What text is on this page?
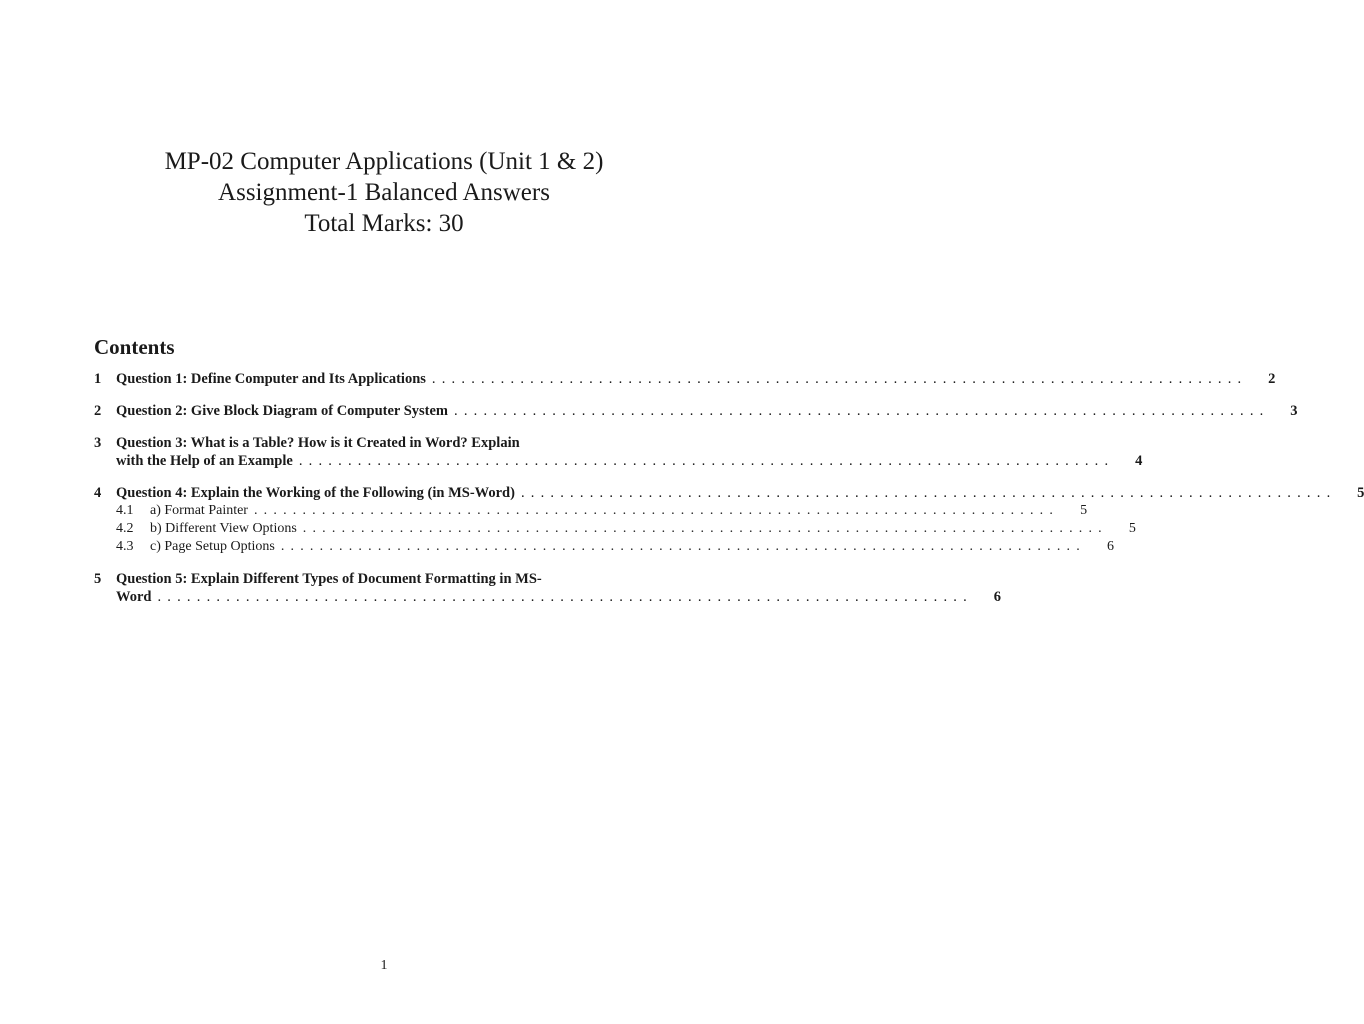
MP-02 Computer Applications (Unit 1 & 2)
Assignment-1 Balanced Answers
Total Marks: 30
Contents
1	Question 1: Define Computer and Its Applications ...................................................................................	2
2	Question 2: Give Block Diagram of Computer System ...................................................................................	3
3	Question 3: What is a Table? How is it Created in Word? Explain
with the Help of an Example ...................................................................................	4
4	Question 4: Explain the Working of the Following (in MS-Word) ...................................................................................	5
4.1	a) Format Painter ...................................................................................	5
4.2	b) Different View Options ...................................................................................	5
4.3	c) Page Setup Options ...................................................................................	6
5	Question 5: Explain Different Types of Document Formatting in MS-
Word ...................................................................................	6
1
